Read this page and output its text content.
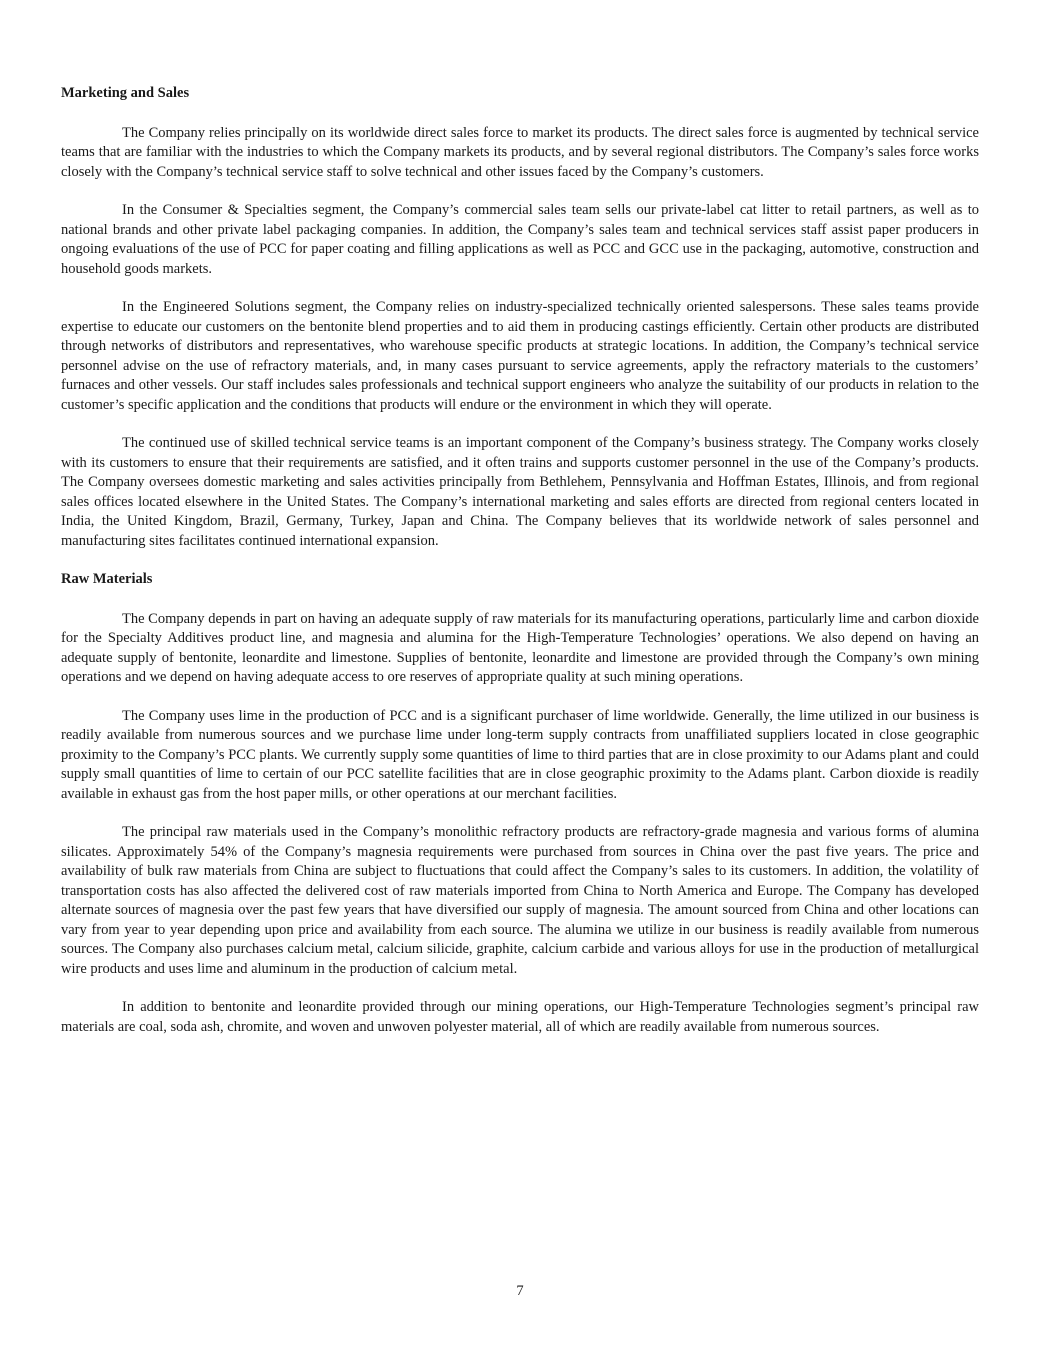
Marketing and Sales

The Company relies principally on its worldwide direct sales force to market its products. The direct sales force is augmented by technical service teams that are familiar with the industries to which the Company markets its products, and by several regional distributors. The Company’s sales force works closely with the Company’s technical service staff to solve technical and other issues faced by the Company’s customers.

In the Consumer & Specialties segment, the Company’s commercial sales team sells our private-label cat litter to retail partners, as well as to national brands and other private label packaging companies. In addition, the Company’s sales team and technical services staff assist paper producers in ongoing evaluations of the use of PCC for paper coating and filling applications as well as PCC and GCC use in the packaging, automotive, construction and household goods markets.

In the Engineered Solutions segment, the Company relies on industry-specialized technically oriented salespersons. These sales teams provide expertise to educate our customers on the bentonite blend properties and to aid them in producing castings efficiently. Certain other products are distributed through networks of distributors and representatives, who warehouse specific products at strategic locations. In addition, the Company’s technical service personnel advise on the use of refractory materials, and, in many cases pursuant to service agreements, apply the refractory materials to the customers’ furnaces and other vessels. Our staff includes sales professionals and technical support engineers who analyze the suitability of our products in relation to the customer’s specific application and the conditions that products will endure or the environment in which they will operate.

The continued use of skilled technical service teams is an important component of the Company’s business strategy. The Company works closely with its customers to ensure that their requirements are satisfied, and it often trains and supports customer personnel in the use of the Company’s products. The Company oversees domestic marketing and sales activities principally from Bethlehem, Pennsylvania and Hoffman Estates, Illinois, and from regional sales offices located elsewhere in the United States. The Company’s international marketing and sales efforts are directed from regional centers located in India, the United Kingdom, Brazil, Germany, Turkey, Japan and China. The Company believes that its worldwide network of sales personnel and manufacturing sites facilitates continued international expansion.

Raw Materials

The Company depends in part on having an adequate supply of raw materials for its manufacturing operations, particularly lime and carbon dioxide for the Specialty Additives product line, and magnesia and alumina for the High-Temperature Technologies’ operations. We also depend on having an adequate supply of bentonite, leonardite and limestone. Supplies of bentonite, leonardite and limestone are provided through the Company’s own mining operations and we depend on having adequate access to ore reserves of appropriate quality at such mining operations.

The Company uses lime in the production of PCC and is a significant purchaser of lime worldwide. Generally, the lime utilized in our business is readily available from numerous sources and we purchase lime under long-term supply contracts from unaffiliated suppliers located in close geographic proximity to the Company’s PCC plants. We currently supply some quantities of lime to third parties that are in close proximity to our Adams plant and could supply small quantities of lime to certain of our PCC satellite facilities that are in close geographic proximity to the Adams plant. Carbon dioxide is readily available in exhaust gas from the host paper mills, or other operations at our merchant facilities.

The principal raw materials used in the Company’s monolithic refractory products are refractory-grade magnesia and various forms of alumina silicates. Approximately 54% of the Company’s magnesia requirements were purchased from sources in China over the past five years. The price and availability of bulk raw materials from China are subject to fluctuations that could affect the Company’s sales to its customers. In addition, the volatility of transportation costs has also affected the delivered cost of raw materials imported from China to North America and Europe. The Company has developed alternate sources of magnesia over the past few years that have diversified our supply of magnesia. The amount sourced from China and other locations can vary from year to year depending upon price and availability from each source. The alumina we utilize in our business is readily available from numerous sources. The Company also purchases calcium metal, calcium silicide, graphite, calcium carbide and various alloys for use in the production of metallurgical wire products and uses lime and aluminum in the production of calcium metal.

In addition to bentonite and leonardite provided through our mining operations, our High-Temperature Technologies segment’s principal raw materials are coal, soda ash, chromite, and woven and unwoven polyester material, all of which are readily available from numerous sources.

7
